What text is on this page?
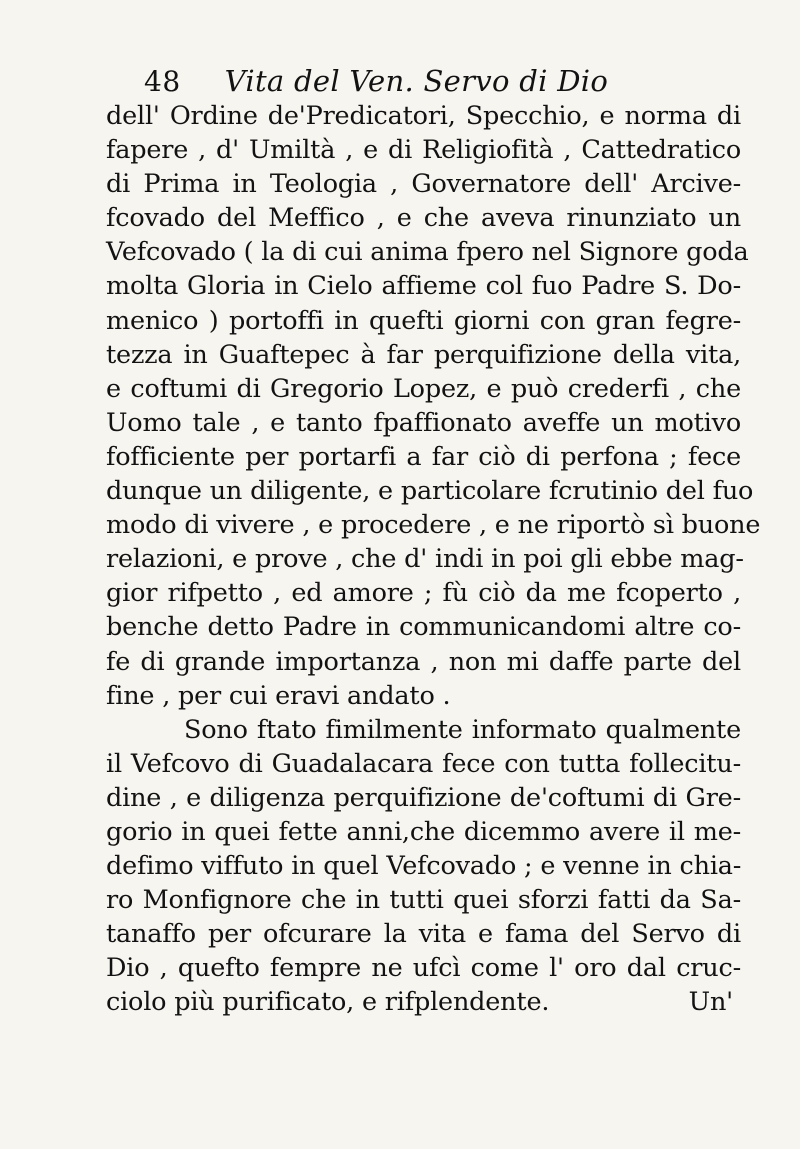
48 Vita del Ven. Servo di Dio
dell' Ordine de'Predicatori, Specchio, e norma di
fapere , d' Umiltà , e di Religiofità , Cattedratico
di Prima in Teologia , Governatore dell' Arcive-
fcovado del Meffico , e che aveva rinunziato un
Vefcovado ( la di cui anima fpero nel Signore goda
molta Gloria in Cielo affieme col fuo Padre S. Do-
menico ) portoffi in quefti giorni con gran fegre-
tezza in Guaftepec à far perquifizione della vita,
e coftumi di Gregorio Lopez, e può crederfi , che
Uomo tale , e tanto fpaffionato aveffe un motivo
fofficiente per portarfi a far ciò di perfona ; fece
dunque un diligente, e particolare fcrutinio del fuo
modo di vivere , e procedere , e ne riportò sì buone
relazioni, e prove , che d' indi in poi gli ebbe mag-
gior rifpetto , ed amore ; fù ciò da me fcoperto ,
benche detto Padre in communicandomi altre co-
fe di grande importanza , non mi daffe parte del
fine , per cui eravi andato .
Sono ftato fimilmente informato qualmente
il Vefcovo di Guadalacara fece con tutta follecitu-
dine , e diligenza perquifizione de'coftumi di Gre-
gorio in quei fette anni,che dicemmo avere il me-
defimo viffuto in quel Vefcovado ; e venne in chia-
ro Monfignore che in tutti quei sforzi fatti da Sa-
tanaffo per ofcurare la vita e fama del Servo di
Dio , quefto fempre ne ufcì come l' oro dal cruc-
ciolo più purificato, e rifplendente.	Un'
